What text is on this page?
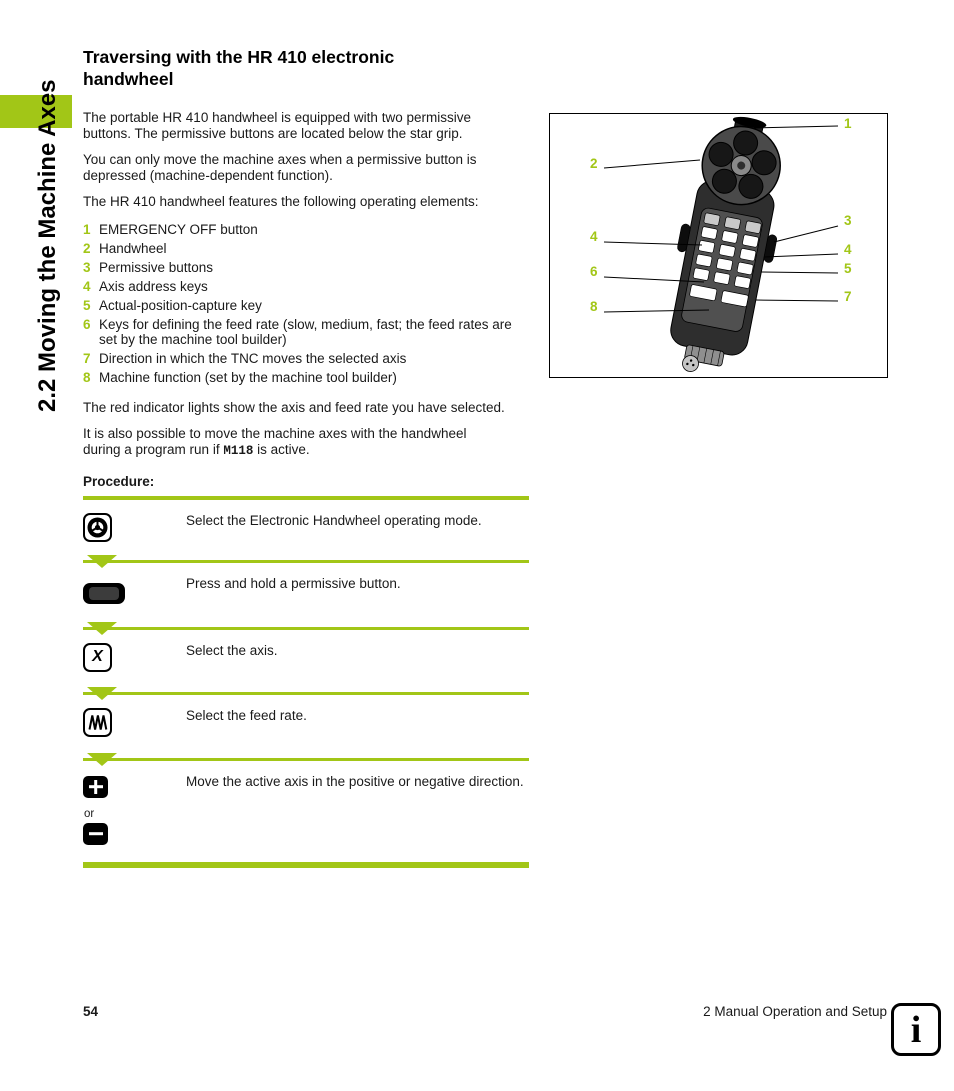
2.2 Moving the Machine Axes
Traversing with the HR 410 electronic handwheel

The portable HR 410 handwheel is equipped with two permissive buttons. The permissive buttons are located below the star grip.

You can only move the machine axes when a permissive button is depressed (machine-dependent function).

The HR 410 handwheel features the following operating elements:

1 EMERGENCY OFF button
2 Handwheel
3 Permissive buttons
4 Axis address keys
5 Actual-position-capture key
6 Keys for defining the feed rate (slow, medium, fast; the feed rates are set by the machine tool builder)
7 Direction in which the TNC moves the selected axis
8 Machine function (set by the machine tool builder)

The red indicator lights show the axis and feed rate you have selected.

It is also possible to move the machine axes with the handwheel during a program run if M118 is active.

Procedure:
Select the Electronic Handwheel operating mode.
Press and hold a permissive button.
X	Select the axis.
Select the feed rate.
or
Move the active axis in the positive or negative direction.
1
3
4
5
7
2
4
6
8
54	2 Manual Operation and Setup i
